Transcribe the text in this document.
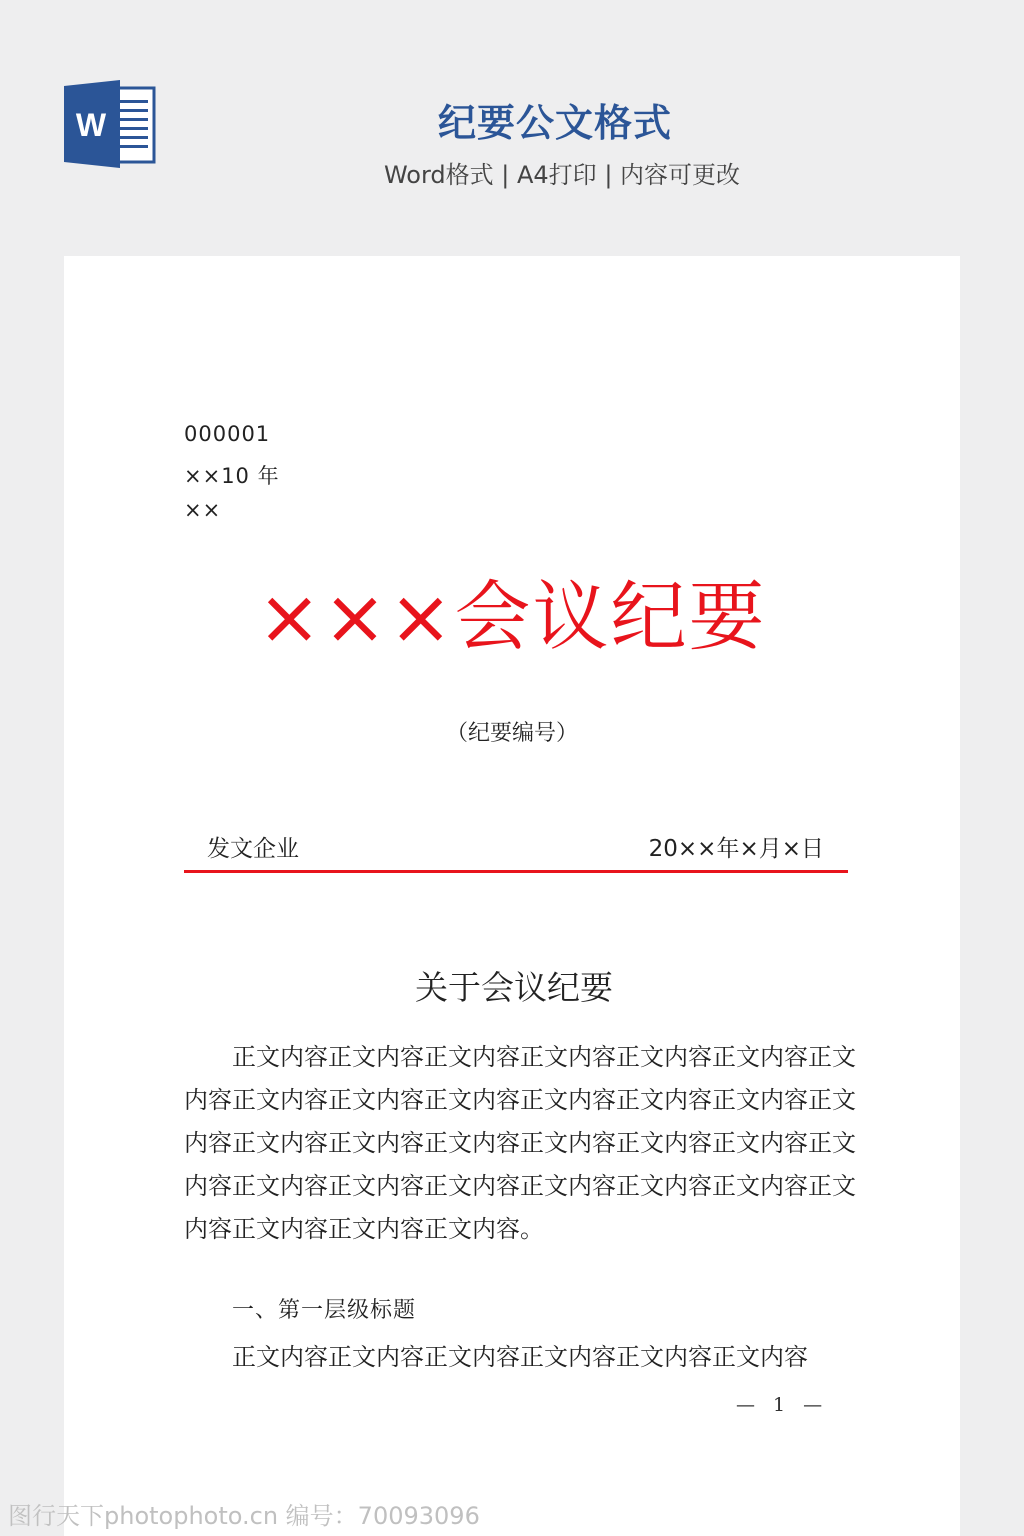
W	纪要公文格式
Word格式 | A4打印 | 内容可更改
000001
××10 年
××
×××会议纪要
（纪要编号）
发文企业	20××年×月×日
关于会议纪要
正文内容正文内容正文内容正文内容正文内容正文内容正文内容正文内容正文内容正文内容正文内容正文内容正文内容正文内容正文内容正文内容正文内容正文内容正文内容正文内容正文内容正文内容正文内容正文内容正文内容正文内容正文内容正文内容正文内容正文内容正文内容。
一、第一层级标题
正文内容正文内容正文内容正文内容正文内容正文内容
— 1 —
图行天下photophoto.cn 编号：70093096
